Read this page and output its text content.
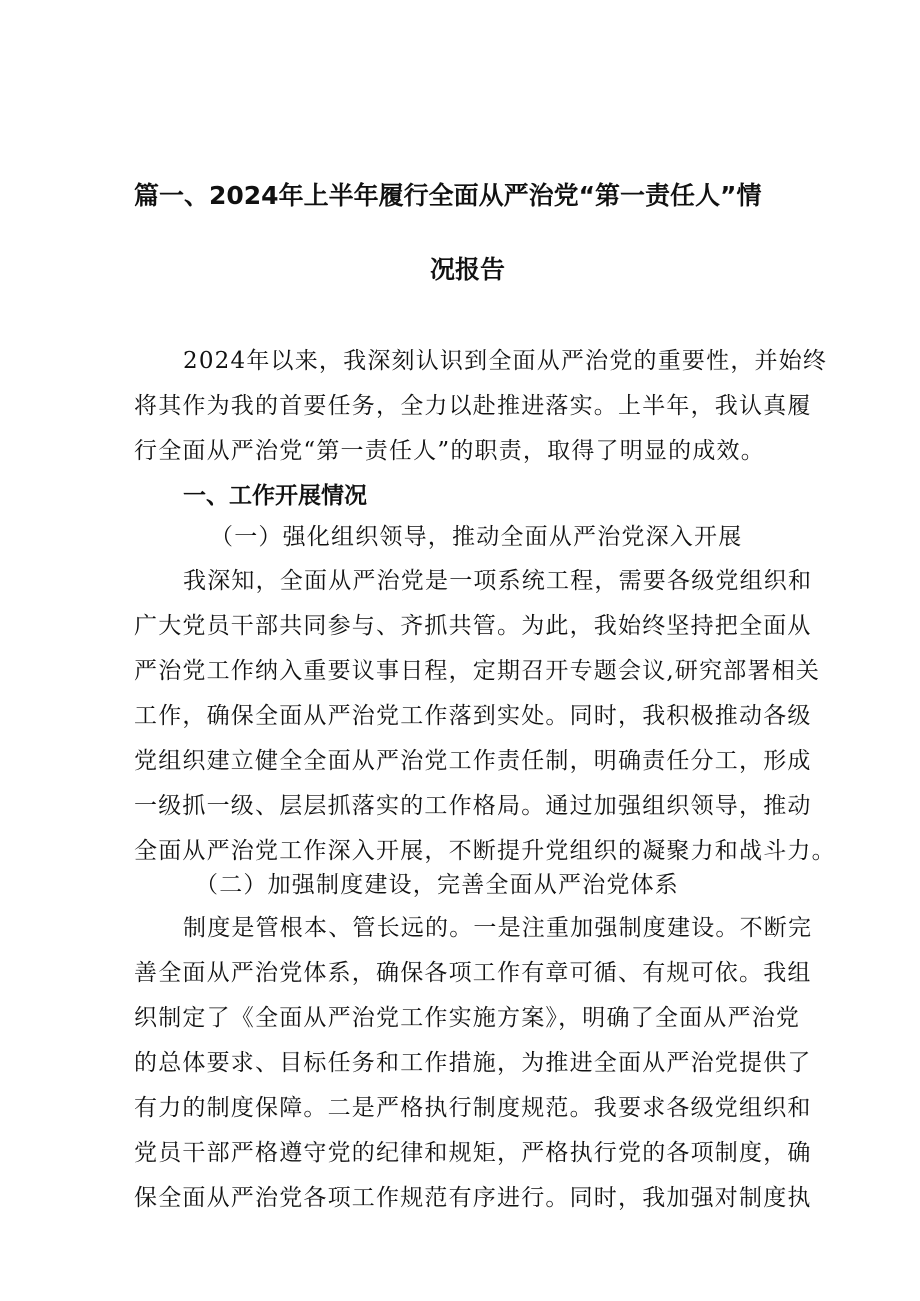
篇一、2024年上半年履行全面从严治党“第一责任人”情
况报告
2024年以来，我深刻认识到全面从严治党的重要性，并始终
将其作为我的首要任务，全力以赴推进落实。上半年，我认真履
行全面从严治党“第一责任人”的职责，取得了明显的成效。
一、工作开展情况
（一）强化组织领导，推动全面从严治党深入开展
我深知，全面从严治党是一项系统工程，需要各级党组织和
广大党员干部共同参与、齐抓共管。为此，我始终坚持把全面从
严治党工作纳入重要议事日程，定期召开专题会议,研究部署相关
工作，确保全面从严治党工作落到实处。同时，我积极推动各级
党组织建立健全全面从严治党工作责任制，明确责任分工，形成
一级抓一级、层层抓落实的工作格局。通过加强组织领导，推动
全面从严治党工作深入开展，不断提升党组织的凝聚力和战斗力。
（二）加强制度建设，完善全面从严治党体系
制度是管根本、管长远的。一是注重加强制度建设。不断完
善全面从严治党体系，确保各项工作有章可循、有规可依。我组
织制定了《全面从严治党工作实施方案》，明确了全面从严治党
的总体要求、目标任务和工作措施，为推进全面从严治党提供了
有力的制度保障。二是严格执行制度规范。我要求各级党组织和
党员干部严格遵守党的纪律和规矩，严格执行党的各项制度，确
保全面从严治党各项工作规范有序进行。同时，我加强对制度执
